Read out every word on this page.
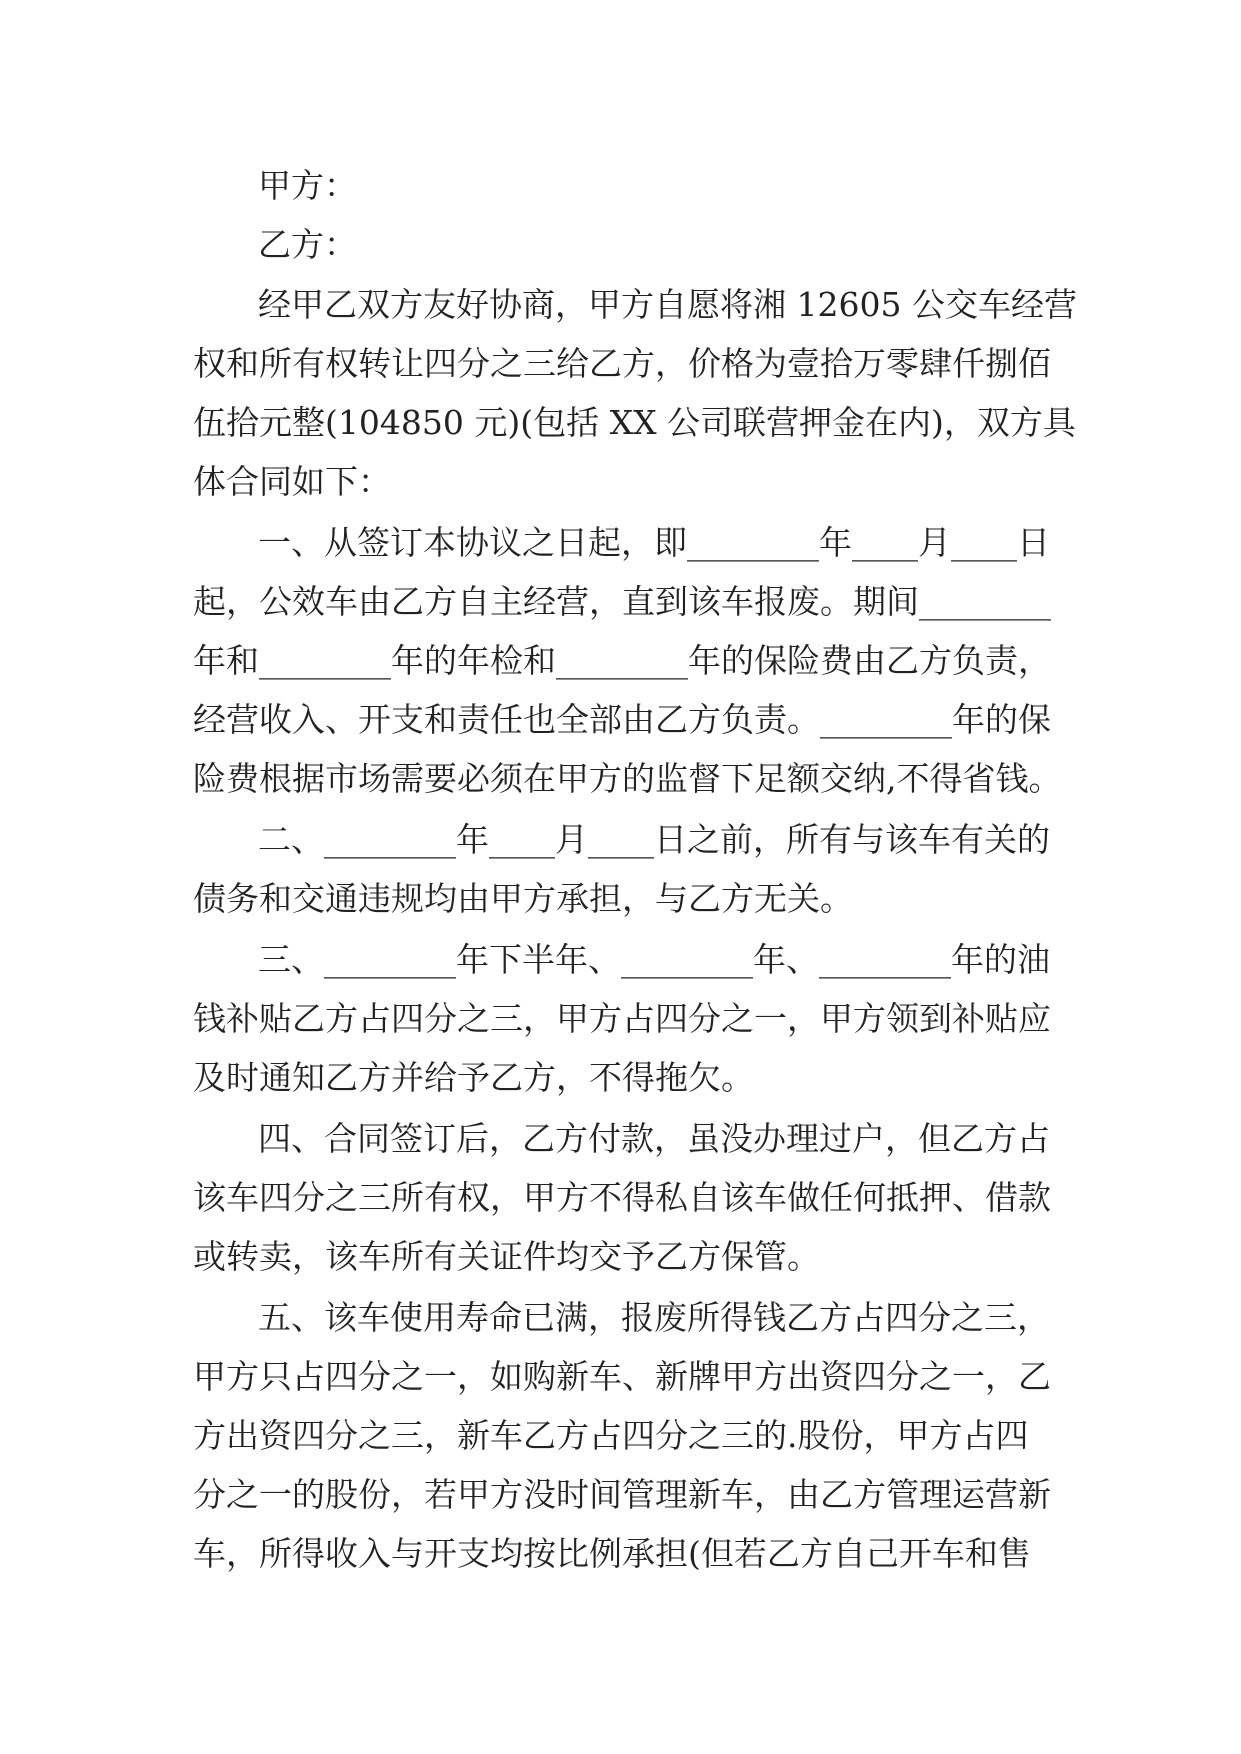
甲方：
乙方：
经甲乙双方友好协商，甲方自愿将湘 12605 公交车经营
权和所有权转让四分之三给乙方，价格为壹拾万零肆仟捌佰
伍拾元整(104850 元)(包括 XX 公司联营押金在内)，双方具
体合同如下：
一、从签订本协议之日起，即________年____月____日
起，公效车由乙方自主经营，直到该车报废。期间________
年和________年的年检和________年的保险费由乙方负责，
经营收入、开支和责任也全部由乙方负责。________年的保
险费根据市场需要必须在甲方的监督下足额交纳,不得省钱。
二、________年____月____日之前，所有与该车有关的
债务和交通违规均由甲方承担，与乙方无关。
三、________年下半年、________年、________年的油
钱补贴乙方占四分之三，甲方占四分之一，甲方领到补贴应
及时通知乙方并给予乙方，不得拖欠。
四、合同签订后，乙方付款，虽没办理过户，但乙方占
该车四分之三所有权，甲方不得私自该车做任何抵押、借款
或转卖，该车所有关证件均交予乙方保管。
五、该车使用寿命已满，报废所得钱乙方占四分之三，
甲方只占四分之一，如购新车、新牌甲方出资四分之一，乙
方出资四分之三，新车乙方占四分之三的.股份，甲方占四
分之一的股份，若甲方没时间管理新车，由乙方管理运营新
车，所得收入与开支均按比例承担(但若乙方自己开车和售
